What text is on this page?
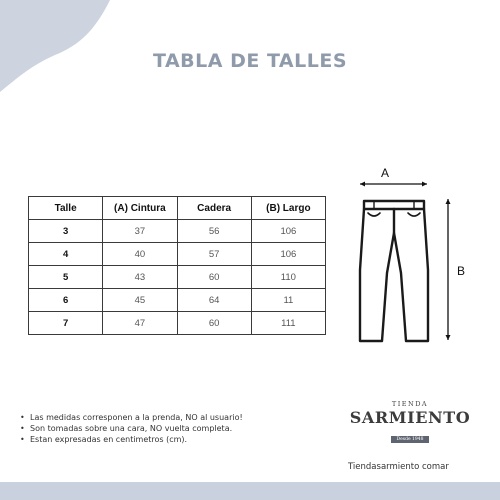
TABLA DE TALLES
Talle	(A) Cintura	Cadera	(B) Largo
3	37	56	106
4	40	57	106
5	43	60	110
6	45	64	11
7	47	60	111
A
B
• Las medidas corresponen a la prenda, NO al usuario!
• Son tomadas sobre una cara, NO vuelta completa.
• Estan expresadas en centimetros (cm).
TIENDA
SARMIENTO
Desde 1948
Tiendasarmiento comar
